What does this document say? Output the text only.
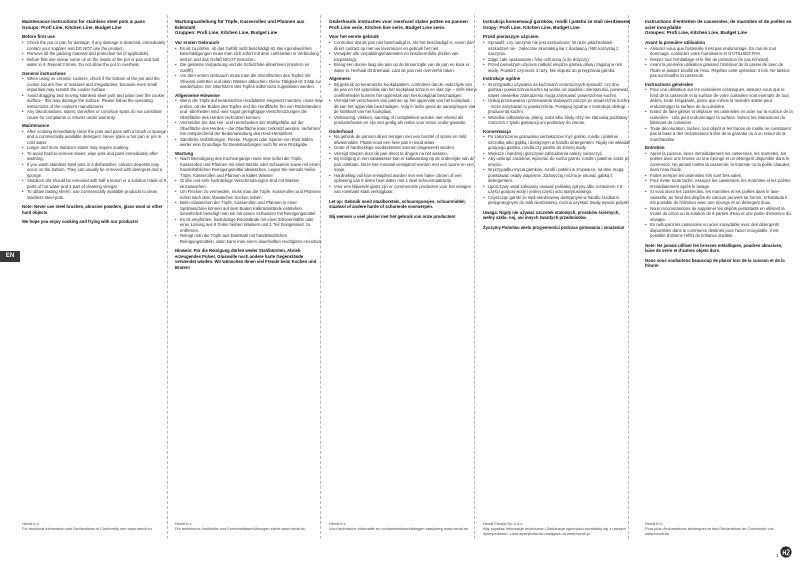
EN
Maintenance instructions for stainless steel pots & pans
Groups: Profi Line, Kitchen Line, Budget Line
Before first use
• Check the pot or pan for damage. If any damage is detected, immediately contact your supplier and DO NOT use the product.
• Remove all the packing material and protective foil (if applicable).
• Before first use smear some oil on the inside of the pot or pan and boil water in it. Repeat 3 times. Do not allow the pot to overheat.
General instructions
• When using on ceramic cookers, check if the bottom of the pot and the cooker top are free of residues and irregularities, because even small impurities may scratch the cooker surface.
• Avoid dragging and moving stainless steel pots and pans over the cooker surface - this may damage the surface. Please follow the operating instructions of the cooker's manufacturer.
• Any discolorations, stains, tarnishes or corrosion spots do not constitute cause for complaints or returns under warranty.
Maintenance
• After cooking immediately clean the pots and pans with a brush or sponge and a commercially available detergent. Never place a hot pan or pot in cold water.
• Larger and more stubborn stains may require soaking.
• To avoid hard-to-remove stains, wipe pots and pans immediately after washing.
• If you wash stainless steel pots in a dishwasher, calcium deposits may occur on the bottom. They can usually be removed with detergent and a sponge.
• Stubborn dirt should be removed with half a lemon or a solution made of 9 parts of hot water and 1 part of cleaning vinegar.
• To obtain lasting sheen, use commercially available products to clean stainless steel pots.
Note: Never use steel brushes, abrasive powders, glass wool or other hard objects.
We hope you enjoy cooking and frying with our products!
Wartungsanleitung für Töpfe, Kasserollen und Pfannen aus Edelstahl
Gruppen: Profi Line, Kitchen Line, Budget Line
Vor ersten Gebrauch
• Es ist zu prüfen, ob das Gefäß nicht beschädigt ist. Bei irgendwelchen Beschädigungen muss man sich sofort mit dem Lieferanten in Verbindung setzen und das Gefäß NICHT benutzen.
• Die gesamte Verpackung und die Schutzfolie abnehmen (insofern es zutrifft).
• Vor dem ersten Gebrauch muss man die Innenflächen des Topfes mit Olivenöl einfetten und darin Wasser abkochen. Diese Tätigkeit ist 3 Mal zu wiederholen. Ein Überhitzen des Topfes sollte nicht zugelassen werden.
Allgemeine Hinweise
• Wenn die Töpfe auf keramischen Herdplatten eingesetzt werden, muss man prüfen, ob der Boden des Topfes und die Herdfläche frei von Rückständen und -überheiten sind, weil sogar geringfügige Verschmutzungen die Oberfläche des Herdes zerkratzen können.
• Vermeiden Sie das Hin- und Herschieben der Stahlgefäße auf der Oberfläche des Herdes – die Oberfläche kann zerkratzt werden. Verfahren Sie entsprechend der Bedienanleitung des Herd-Herstellers.
• Sämtliche Verfärbungen, Flecke, Flugrost oder Spuren von Rost bilden weder eine Grundlage für Beanstandungen noch für eine Rückgabe.
Wartung
• Nach Beendigung des Kochvorgangs muss man sofort die Töpfe, Kasserollen und Pfannen mit einer Bürste oder Schwamm sowie mit einem handelsüblichen Reinigungsmittel abwaschen. Legen Sie niemals heiße Töpfe, Kasserollen und Pfannen in kaltes Wasser.
• Große und sehr hartnäckige Verschmutzungen sind mit Wasser einzuweichen.
• Um Flecken zu vermeiden, muss man die Töpfe, Kasserollen und Pfannen sofort nach dem Abwaschen trocken reiben.
• Beim Abwaschen der Töpfe, Kasserollen und Pfannen in einer Spülmaschine können auf dem Boden Kalkrückstände entstehen. Gewöhnlich beseitigt man sie mit einem Schwamm mit Reinigungsmittel.
• Es ist empfohlen, hartnäckige Rückstände mit einer Zitronenhälfte oder einer Lösung aus 9 Teilen heißen Wassers und 1 Teil Essigessenz zu entfernen.
• Reinigt man die Töpfe aus Edelstahl mit handelsüblichen Reinigungsmitteln, dann kann man einen dauerhaften Hochglanz erreichen.
Hinweis: Für die Reinigung dürfen weder Stahlbürsten, Abrieb erzeugendes Pulver, Glaswolle noch andere harte Gegenstände verwendet werden. Wir wünschen Ihnen viel Freude beim Kochen und Braten!
Onderhouds instructies voor roestvast stalen potten en pannen
Profi Line serie, Kitchen line serie, Budget Line serie.
Voor het eerste gebruik
• Controleer dat de pan niet beschadigd is. Als het beschadigd is, neem dan direct contact op met uw leverancier en gebruik het niet.
• Verwijder alle verpakkingsmaterialen en beschermfolie (indien van toepassing).
• Breng een dunne laag olie aan op de binnenzijde van de pan en kook er water in. Herhaal dit driemaal. Laat de pan niet oververhit raken.
Algemeen
• Bij gebruik op keramische kookplaatsen, controleer dat de onderzijde van de pan en het oppervlak van het kookplaat schoon en vlak zijn – zelfs kleine oneffenheden kunnen het oppervlak van het kookplaat beschadigen.
• Vermijd het verschuiven van pannen op het oppervlak van het kookplaat - dit kan het oppervlak beschadigen. Volg in ieder geval de aanwijzingen van de fabrikant van het kookplaat.
• Verkleuring, vlekken, aanslag of roestplekken worden niet erkend als productefouten en zijn niet geldig als reden voor retour onder garantie.
Onderhoud
• Na gebruik de pannen direct reinigen met een borstel of spons en mild afwasmiddel. Plaats nooit een hete pan in koud water.
• Grote of hardnekkige voedselresten kunnen losgeweekt worden.
• Vermijd strepen door de pan direct te drogen na het wassen.
• Bij reiniging in een vaatwasser kan er kalkaanslag op de onderzijde van de pan ontstaan. Deze kan meestal verwijderd worden met een spons en een sopje.
• Hardnekkig vuil kan verwijderd worden met een halve citroen of een oplossing van 9 delen heet water met 1 deel schoonmaakazijn.
• Voor een blijvende glans zijn er commerciële producten voor het reinigen van roestvast staal verkrijgbaar.
Let op: Gebruik nooit staalborstels, schuursponsjes, schuurmiddel, staalwol of andere harde of schurende voorwerpen.
Wij wensen u veel plezier met het gebruik van onze producten!
Instrukcja konserwacji garnków, rondli i patelni ze stali nierdzewnej
Grupy: Profi Line, Kitchen Line, Budget Line
Przed pierwszym użyciem
• Sprawdź, czy naczynie nie jest uszkodzone. W razie jakichkolwiek uszkodzeń nie - zwłocznie skontaktuj się z dostawcą i NIE korzystaj z naczynia.
• Zdjąć całe opakowanie i folię ochronną (o ile dotyczy).
• Przed pierwszym użyciem natłuść wnętrze garnka oliwą i zagotuj w nim wodę. Powtórz czynność 3 razy. Nie dopuść do przegrzania garnka.
Instrukcje ogólne
• W przypadku używania na kuchniach ceramicznych sprawdź, czy dno garnka i powierzchnia kuchni są wolne od osadów i nierówności, ponieważ nawet niewielkie zabrudzenia mogą zarysować powierzchnię kuchni.
• Unikaj przesuwania i przesuwania stalowych naczyń po powierzchni kuchni - może zarysować to powierzchnię. Postępuj zgodnie z instrukcją obsługi producenta kuchni.
• Wszelkie odbarwienia, plamy, nalot albo ślady rdzy nie stanowią podstawy roszczeń z tytułu gwarancji ani podstawy do zwrotu.
Konserwacja
• Po zakończeniu gotowania niezwłocznie myć garnki, rondle i patelnie szczotką albo gąbką i dostępnym w handlu detergentem. Nigdy nie wkładać gorącego garnka, rondla czy patelni do zimnej wody.
• Większe i bardziej uporczywe zabrudzenia należy namoczyć.
• Aby uniknąć zacieków, wycierać do sucha garnki, rondle i patelnie zaraz po umyciu.
• W przypadku mycia garnków, rondli i patelni w zmywarce, na dnie mogą powstawać osady wapienne. Zazwyczaj można je usunąć gąbką z detergentem.
• Uporczywy osad zalecamy usuwać połówką cytryny albo roztworem z 9 części gorącej wody i jednej części octu spirytusowego.
• Czyszcząc garnki ze stali nierdzewnej dostępnymi w handlu środkami pielęgnacyjnymi do stali nierdzewnej, można uzyskać trwały wysoki połysk.
Uwaga: Nigdy nie używać szczotek stalowych, proszków ściernych, wełny szkla- nej, ani innych twardych przedmiotów.
Życzymy Państwu wielu przyjemności podczas gotowania i smażenia!
Instructions d'entretien de casseroles, de marmites et de poêles en acier inoxydable
Groupes: Profi Line, Kitchen Line, Budget Line
Avant la première utilisation
• Assurez-vous que l'ustensile n'est pas endommagé. En cas de tout dommage, contactez votre fournisseur et N'UTILISEZ PAS.
• Retirez tout l'emballage et le film de protection (le cas échéant).
• Avant la première utilisation graissez l'intérieur de la casserole avec de l'huile et laissez bouillir de l'eau. Répétez cette opération 3 fois. Ne laissez pas surchauffer la casserole.
Instructions générales
• Pour une utilisation sur les cuisinières céramiques, assurez-vous que le fond de la casserole et la surface de votre cuisinière sont exempts de tout débris, toute irrégularité, parce que même la moindre saleté peut endommager la surface de la cuisinière.
• Evitez de faire glisser et déplacer les ustensiles en acier sur la surface de la cuisinière - cela peut endommager la surface. Suivez les instructions du fabricant de cuisinière.
• Toute décoloration, taches, tout dépôt et les traces de rouille ne constituent pas la base à des réclamations à titre de la garantie ou à un retour de la marchandise.
Entretien
• Après la cuisson, lavez immédiatement les casseroles, les marmites, les poêles avec une brosse ou une éponge et un détergent disponible dans le commerce. Ne jamais mettre la casserole, la marmite ou la poêle chaudes dans l'eau froide.
• Faites tremper les ustensiles s'ils sont très sales.
• Pour éviter toute tache, essuyez les casseroles, les marmites et les poêles immédiatement après le lavage.
• Si vous lavez les casseroles, les marmites et les poêles dans le lave-vaisselle, au fond des dépôts de calcium peuvent se former. D'habitude il est possible de l'éliminer avec une éponge et un détergent doux.
• Nous recommandons de supprimer les dépôts persistants en utilisant la moitié du citron ou la solution de 9 parties d'eau et une partie d'essence du vinaigre.
• En nettoyant les casseroles en acier inoxydable avec des détergents disponibles dans le commerce destinés pour l'acier inoxydable, il est possible d'obtenir l'effet de brillance durable.
Note: Ne jamais utiliser les brosses métalliques, poudres abrasives, laine de verre et d'autres objets durs.
Nous vous souhaitons beaucoup de plaisir lors de la cuisson et de la friture!
Hendi b.v.
For technical information and Declarations of Conformity see www.hendi.eu
Hendi b.v.
Für technische Auskünfte und Konformitätserklärungen siehe www.hendi.eu
Hendi b.v.
Voor technische informatie en conformiteitsverklaringen raadpleeg www.hendi.eu
Hendi Polska Sp. z o.o.
Aby uzyskać informacje techniczne i Deklaracje zgodności skontaktuj się z naszym dystrybutorem. Lista dystrybutorów dostępna na www.hendi.pl.
Hendi B.V.
Pour plus d'informations techniques et des Déclarations de Conformité voir www.hendi.eu
1
